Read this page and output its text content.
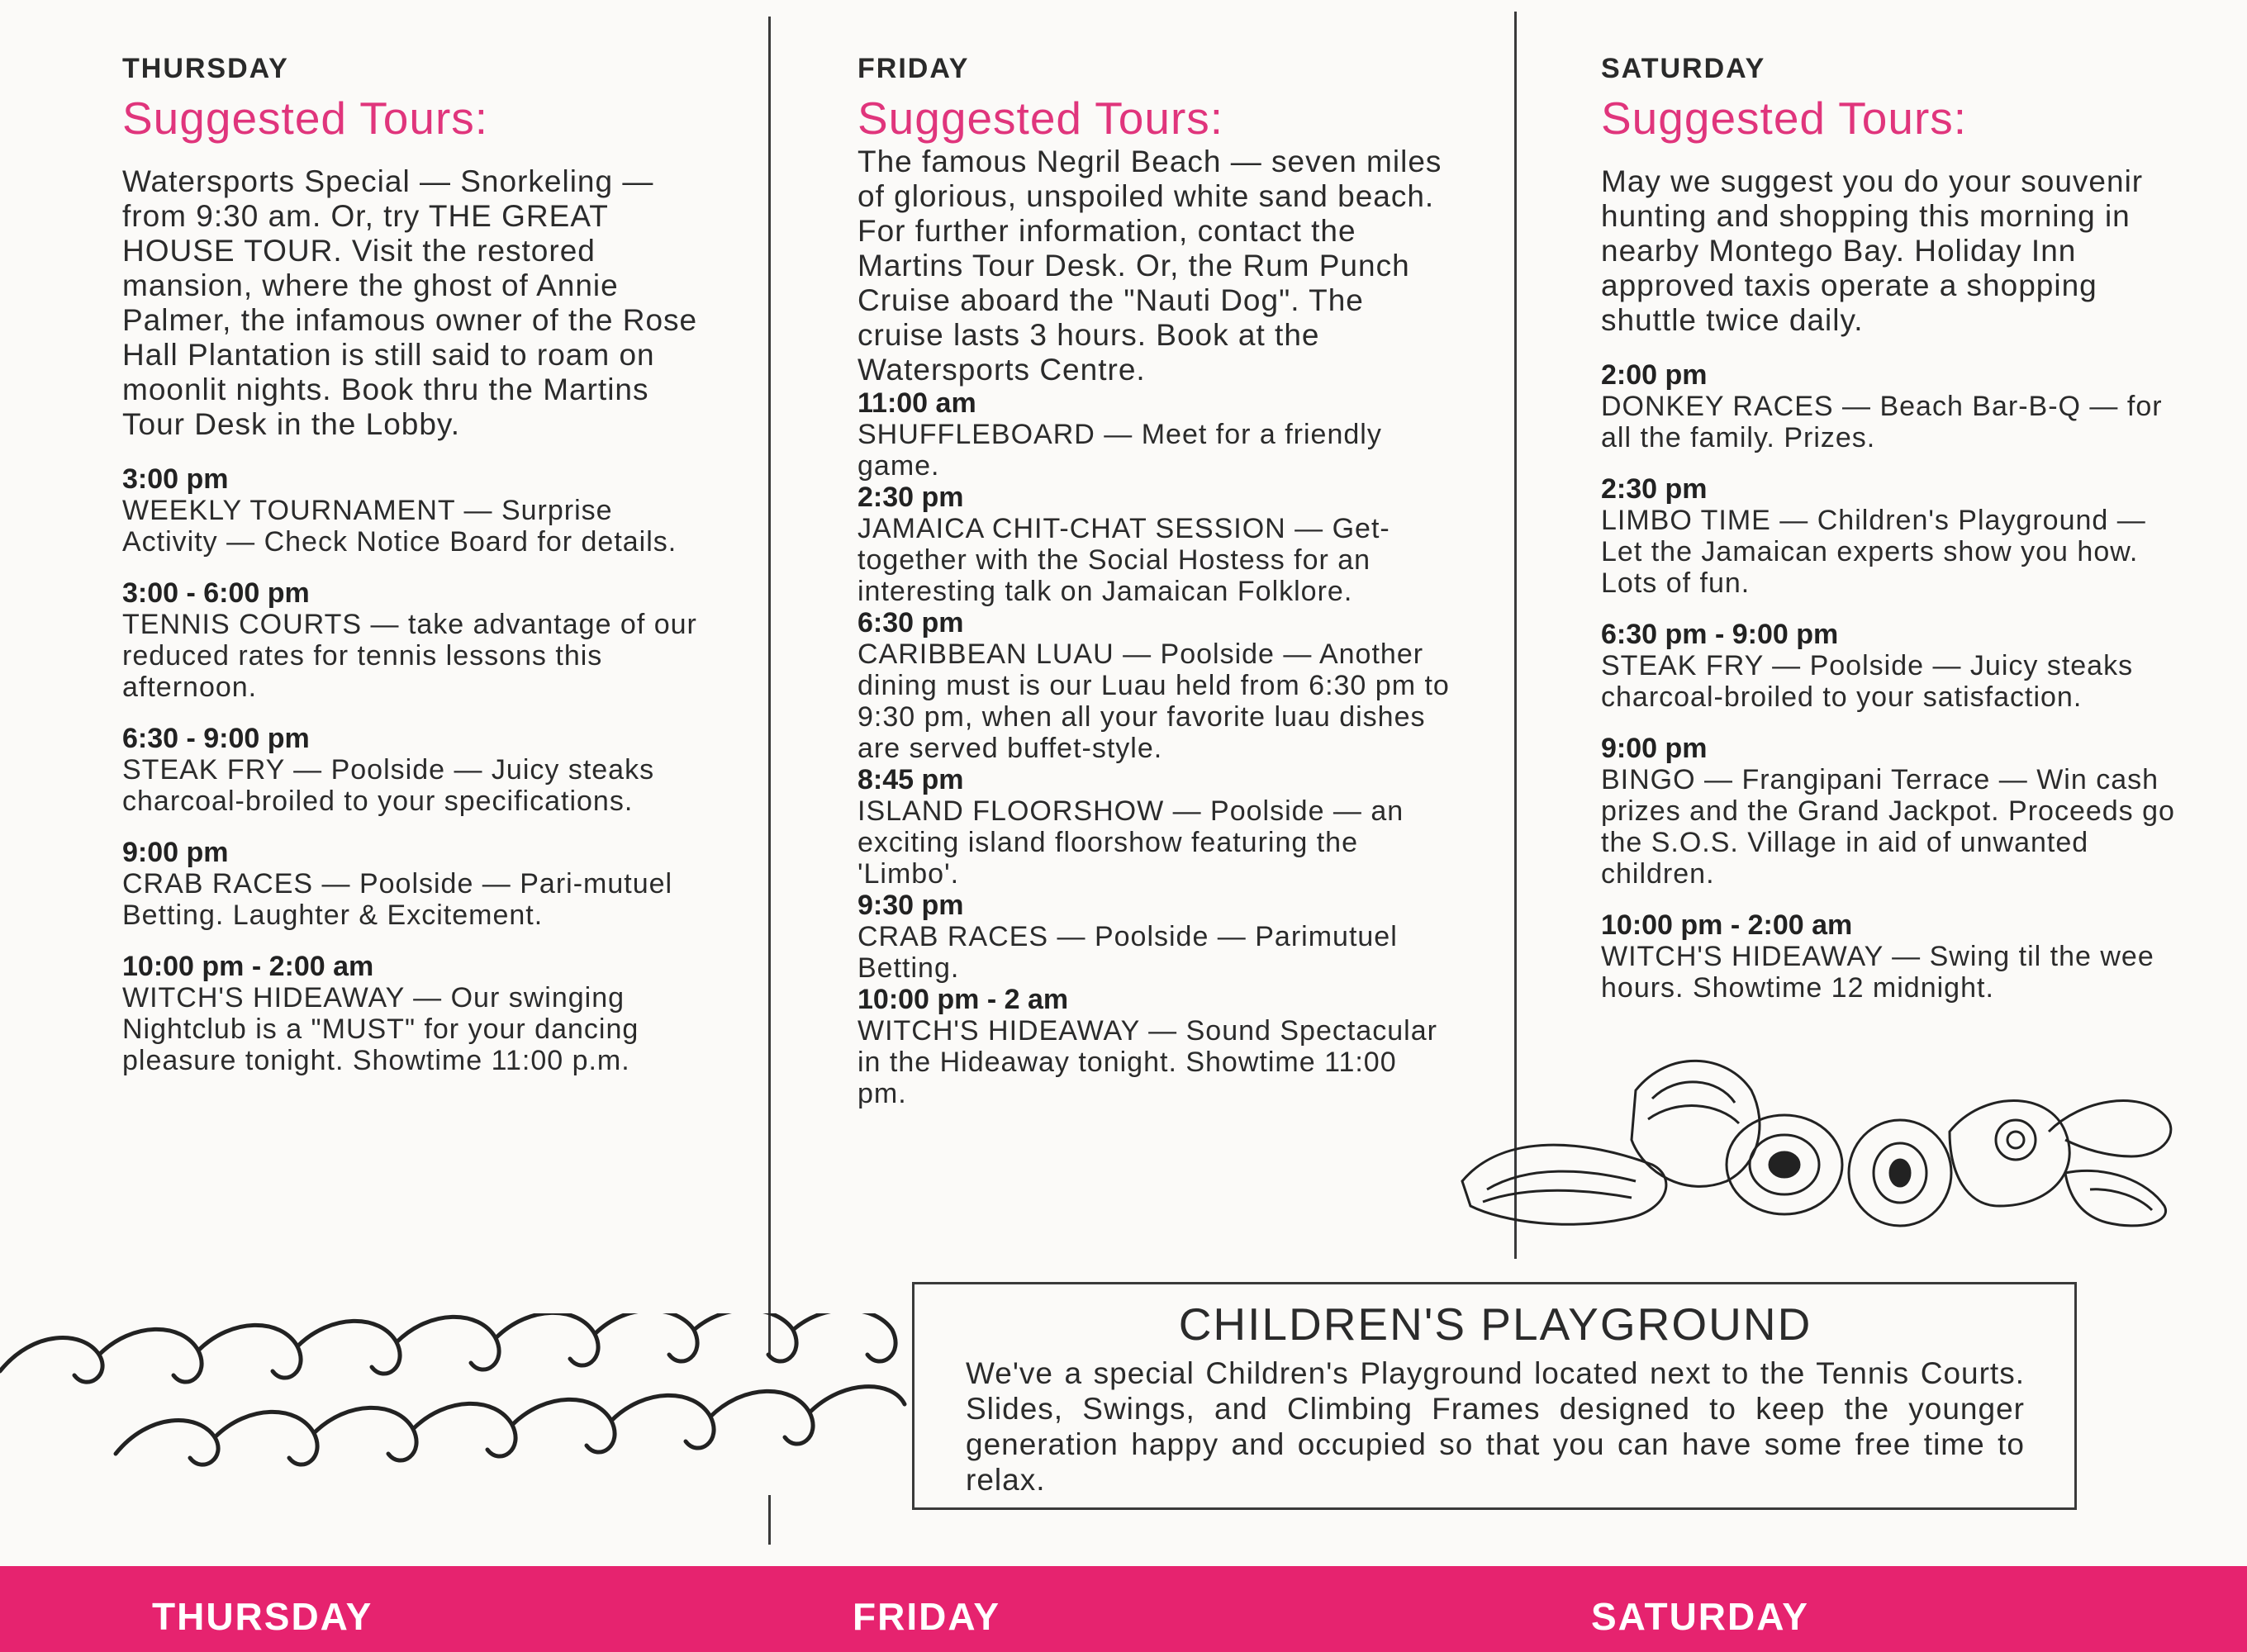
THURSDAY
Suggested Tours:
Watersports Special — Snorkeling —from 9:30 am. Or, try THE GREAT HOUSE TOUR. Visit the restored mansion, where the ghost of Annie Palmer, the infamous owner of the Rose Hall Plantation is still said to roam on moonlit nights. Book thru the Martins Tour Desk in the Lobby.
3:00 pm
WEEKLY TOURNAMENT — Surprise Activity — Check Notice Board for details.
3:00 - 6:00 pm
TENNIS COURTS — take advantage of our reduced rates for tennis lessons this afternoon.
6:30 - 9:00 pm
STEAK FRY — Poolside — Juicy steaks charcoal-broiled to your specifications.
9:00 pm
CRAB RACES — Poolside — Pari-mutuel Betting. Laughter & Excitement.
10:00 pm - 2:00 am
WITCH'S HIDEAWAY — Our swinging Nightclub is a "MUST" for your dancing pleasure tonight. Showtime 11:00 p.m.
FRIDAY
Suggested Tours:
The famous Negril Beach — seven miles of glorious, unspoiled white sand beach. For further information, contact the Martins Tour Desk. Or, the Rum Punch Cruise aboard the "Nauti Dog". The cruise lasts 3 hours. Book at the Watersports Centre.
11:00 am
SHUFFLEBOARD — Meet for a friendly game.
2:30 pm
JAMAICA CHIT-CHAT SESSION — Get-together with the Social Hostess for an interesting talk on Jamaican Folklore.
6:30 pm
CARIBBEAN LUAU — Poolside — Another dining must is our Luau held from 6:30 pm to 9:30 pm, when all your favorite luau dishes are served buffet-style.
8:45 pm
ISLAND FLOORSHOW — Poolside — an exciting island floorshow featuring the 'Limbo'.
9:30 pm
CRAB RACES — Poolside — Parimutuel Betting.
10:00 pm - 2 am
WITCH'S HIDEAWAY — Sound Spectacular in the Hideaway tonight. Showtime 11:00 pm.
SATURDAY
Suggested Tours:
May we suggest you do your souvenir hunting and shopping this morning in nearby Montego Bay. Holiday Inn approved taxis operate a shopping shuttle twice daily.
2:00 pm
DONKEY RACES — Beach Bar-B-Q — for all the family. Prizes.
2:30 pm
LIMBO TIME — Children's Playground — Let the Jamaican experts show you how. Lots of fun.
6:30 pm - 9:00 pm
STEAK FRY — Poolside — Juicy steaks charcoal-broiled to your satisfaction.
9:00 pm
BINGO — Frangipani Terrace — Win cash prizes and the Grand Jackpot. Proceeds go the S.O.S. Village in aid of unwanted children.
10:00 pm - 2:00 am
WITCH'S HIDEAWAY — Swing til the wee hours. Showtime 12 midnight.
CHILDREN'S PLAYGROUND
We've a special Children's Playground located next to the Tennis Courts. Slides, Swings, and Climbing Frames designed to keep the younger generation happy and occupied so that you can have some free time to relax.
THURSDAY	FRIDAY	SATURDAY
